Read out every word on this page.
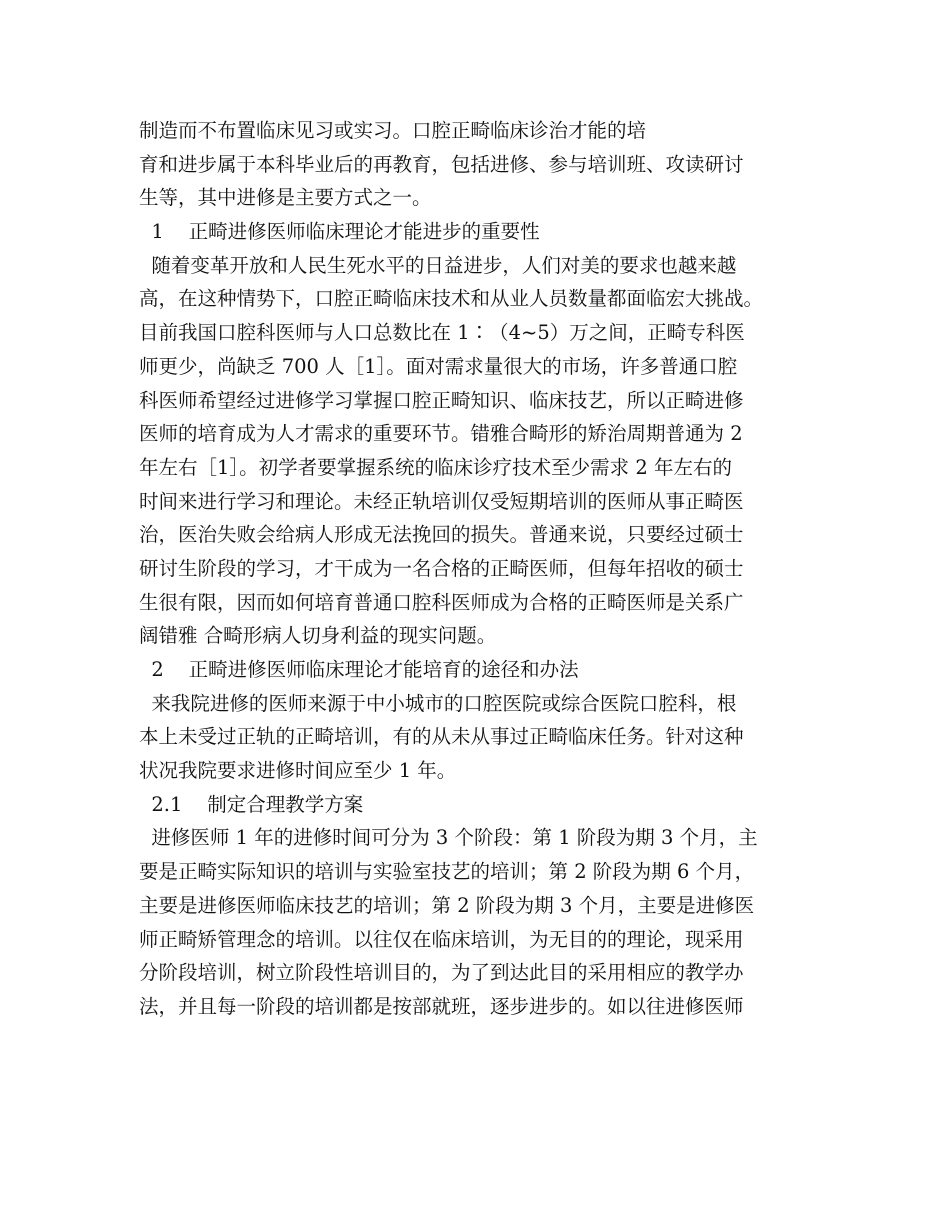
制造而不布置临床见习或实习。口腔正畸临床诊治才能的培
育和进步属于本科毕业后的再教育，包括进修、参与培训班、攻读研讨
生等，其中进修是主要方式之一。
1    正畸进修医师临床理论才能进步的重要性
随着变革开放和人民生死水平的日益进步，人们对美的要求也越来越
高，在这种情势下，口腔正畸临床技术和从业人员数量都面临宏大挑战。
目前我国口腔科医师与人口总数比在 1∶（4~5）万之间，正畸专科医
师更少，尚缺乏 700 人［1］。面对需求量很大的市场，许多普通口腔
科医师希望经过进修学习掌握口腔正畸知识、临床技艺，所以正畸进修
医师的培育成为人才需求的重要环节。错雅合畸形的矫治周期普通为 2
年左右［1］。初学者要掌握系统的临床诊疗技术至少需求 2 年左右的
时间来进行学习和理论。未经正轨培训仅受短期培训的医师从事正畸医
治，医治失败会给病人形成无法挽回的损失。普通来说，只要经过硕士
研讨生阶段的学习，才干成为一名合格的正畸医师，但每年招收的硕士
生很有限，因而如何培育普通口腔科医师成为合格的正畸医师是关系广
阔错雅 合畸形病人切身利益的现实问题。
2    正畸进修医师临床理论才能培育的途径和办法
来我院进修的医师来源于中小城市的口腔医院或综合医院口腔科，根
本上未受过正轨的正畸培训，有的从未从事过正畸临床任务。针对这种
状况我院要求进修时间应至少 1 年。
2.1    制定合理教学方案
进修医师 1 年的进修时间可分为 3 个阶段：第 1 阶段为期 3 个月，主
要是正畸实际知识的培训与实验室技艺的培训；第 2 阶段为期 6 个月，
主要是进修医师临床技艺的培训；第 2 阶段为期 3 个月，主要是进修医
师正畸矫管理念的培训。以往仅在临床培训，为无目的的理论，现采用
分阶段培训，树立阶段性培训目的，为了到达此目的采用相应的教学办
法，并且每一阶段的培训都是按部就班，逐步进步的。如以往进修医师
